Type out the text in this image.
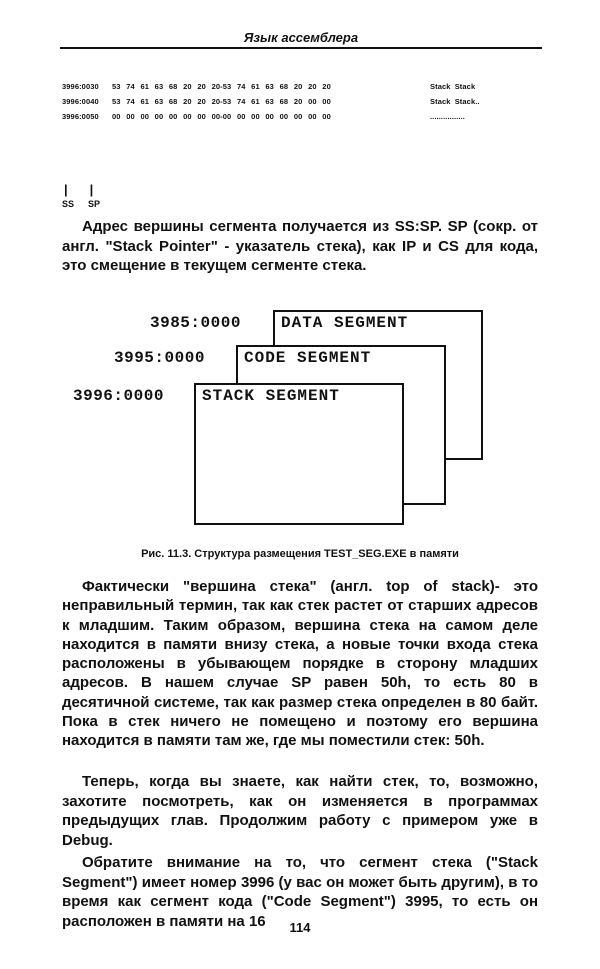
Язык ассемблера
3996:0030	53 74 61 63 68 20 20 20-53 74 61 63 68 20 20 20	Stack Stack
3996:0040	53 74 61 63 68 20 20 20-53 74 61 63 68 20 00 00	Stack Stack..
3996:0050	00 00 00 00 00 00 00 00-00 00 00 00 00 00 00 00	................
| |
SS SP
Адрес вершины сегмента получается из SS:SP. SP (сокр. от англ. "Stack Pointer" - указатель стека), как IP и CS для кода, это смещение в текущем сегменте стека.
DATA SEGMENT
CODE SEGMENT
STACK SEGMENT
3985:0000
3995:0000
3996:0000
Рис. 11.3. Структура размещения TEST_SEG.EXE в памяти
Фактически "вершина стека" (англ. top of stack)- это неправильный термин, так как стек растет от старших адресов к младшим. Таким образом, вершина стека на самом деле находится в памяти внизу стека, а новые точки входа стека расположены в убывающем порядке в сторону младших адресов. В нашем случае SP равен 50h, то есть 80 в десятичной системе, так как размер стека определен в 80 байт. Пока в стек ничего не помещено и поэтому его вершина находится в памяти там же, где мы поместили стек: 50h.
Теперь, когда вы знаете, как найти стек, то, возможно, захотите посмотреть, как он изменяется в программах предыдущих глав. Продолжим работу с примером уже в Debug.
Обратите внимание на то, что сегмент стека ("Stack Segment") имеет номер 3996 (у вас он может быть другим), в то время как сегмент кода ("Code Segment") 3995, то есть он расположен в памяти на 16	114
